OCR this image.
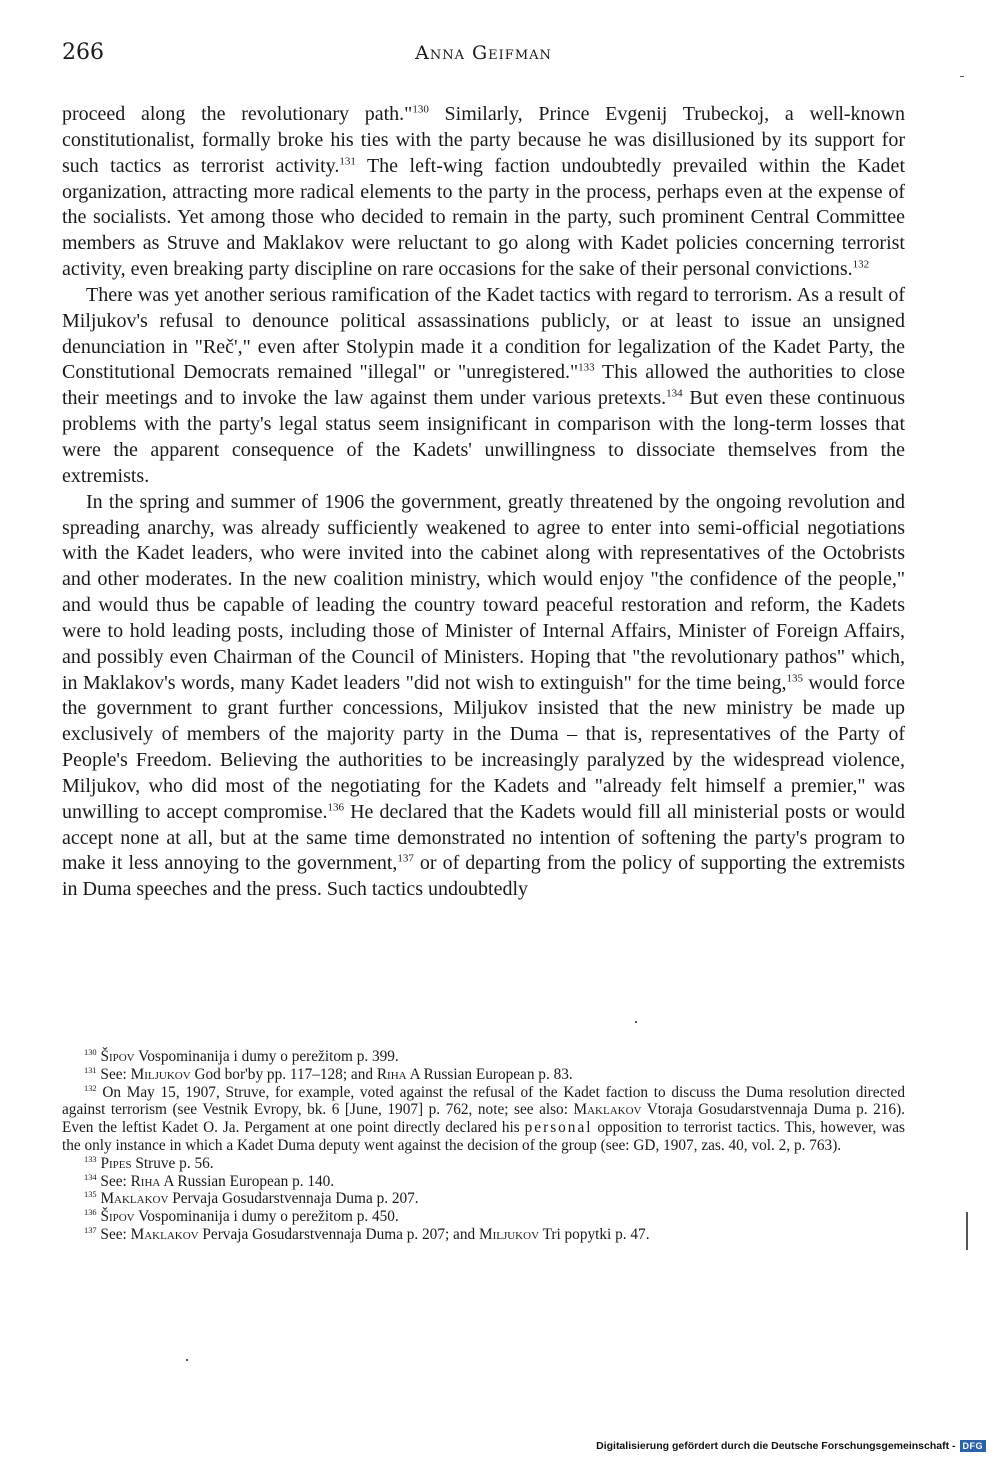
266	Anna Geifman

proceed along the revolutionary path."$^{130}$ Similarly, Prince Evgenij Trubeckoj, a well-known constitutionalist, formally broke his ties with the party because he was disillusioned by its support for such tactics as terrorist activity.$^{131}$ The left-wing faction undoubtedly prevailed within the Kadet organization, attracting more radical elements to the party in the process, perhaps even at the expense of the socialists. Yet among those who decided to remain in the party, such prominent Central Committee members as Struve and Maklakov were reluctant to go along with Kadet policies concerning terrorist activity, even breaking party discipline on rare occasions for the sake of their personal convictions.$^{132}$

There was yet another serious ramification of the Kadet tactics with regard to terrorism. As a result of Miljukov's refusal to denounce political assassinations publicly, or at least to issue an unsigned denunciation in "Reč'," even after Stolypin made it a condition for legalization of the Kadet Party, the Constitutional Democrats remained "illegal" or "unregistered."$^{133}$ This allowed the authorities to close their meetings and to invoke the law against them under various pretexts.$^{134}$ But even these continuous problems with the party's legal status seem insignificant in comparison with the long-term losses that were the apparent consequence of the Kadets' unwillingness to dissociate themselves from the extremists.

In the spring and summer of 1906 the government, greatly threatened by the ongoing revolution and spreading anarchy, was already sufficiently weakened to agree to enter into semi-official negotiations with the Kadet leaders, who were invited into the cabinet along with representatives of the Octobrists and other moderates. In the new coalition ministry, which would enjoy "the confidence of the people," and would thus be capable of leading the country toward peaceful restoration and reform, the Kadets were to hold leading posts, including those of Minister of Internal Affairs, Minister of Foreign Affairs, and possibly even Chairman of the Council of Ministers. Hoping that "the revolutionary pathos" which, in Maklakov's words, many Kadet leaders "did not wish to extinguish" for the time being,$^{135}$ would force the government to grant further concessions, Miljukov insisted that the new ministry be made up exclusively of members of the majority party in the Duma – that is, representatives of the Party of People's Freedom. Believing the authorities to be increasingly paralyzed by the widespread violence, Miljukov, who did most of the negotiating for the Kadets and "already felt himself a premier," was unwilling to accept compromise.$^{136}$ He declared that the Kadets would fill all ministerial posts or would accept none at all, but at the same time demonstrated no intention of softening the party's program to make it less annoying to the government,$^{137}$ or of departing from the policy of supporting the extremists in Duma speeches and the press. Such tactics undoubtedly

$^{130}$ Šipov Vospominanija i dumy o perežitom p. 399.

$^{131}$ See: Miljukov God bor'by pp. 117–128; and Riha A Russian European p. 83.

$^{132}$ On May 15, 1907, Struve, for example, voted against the refusal of the Kadet faction to discuss the Duma resolution directed against terrorism (see Vestnik Evropy, bk. 6 [June, 1907] p. 762, note; see also: Maklakov Vtoraja Gosudarstvennaja Duma p. 216). Even the leftist Kadet O. Ja. Pergament at one point directly declared his personal opposition to terrorist tactics. This, however, was the only instance in which a Kadet Duma deputy went against the decision of the group (see: GD, 1907, zas. 40, vol. 2, p. 763).

$^{133}$ Pipes Struve p. 56.

$^{134}$ See: Riha A Russian European p. 140.

$^{135}$ Maklakov Pervaja Gosudarstvennaja Duma p. 207.

$^{136}$ Šipov Vospominanija i dumy o perežitom p. 450.

$^{137}$ See: Maklakov Pervaja Gosudarstvennaja Duma p. 207; and Miljukov Tri popytki p. 47.

Digitalisierung gefördert durch die Deutsche Forschungsgemeinschaft - DFG
